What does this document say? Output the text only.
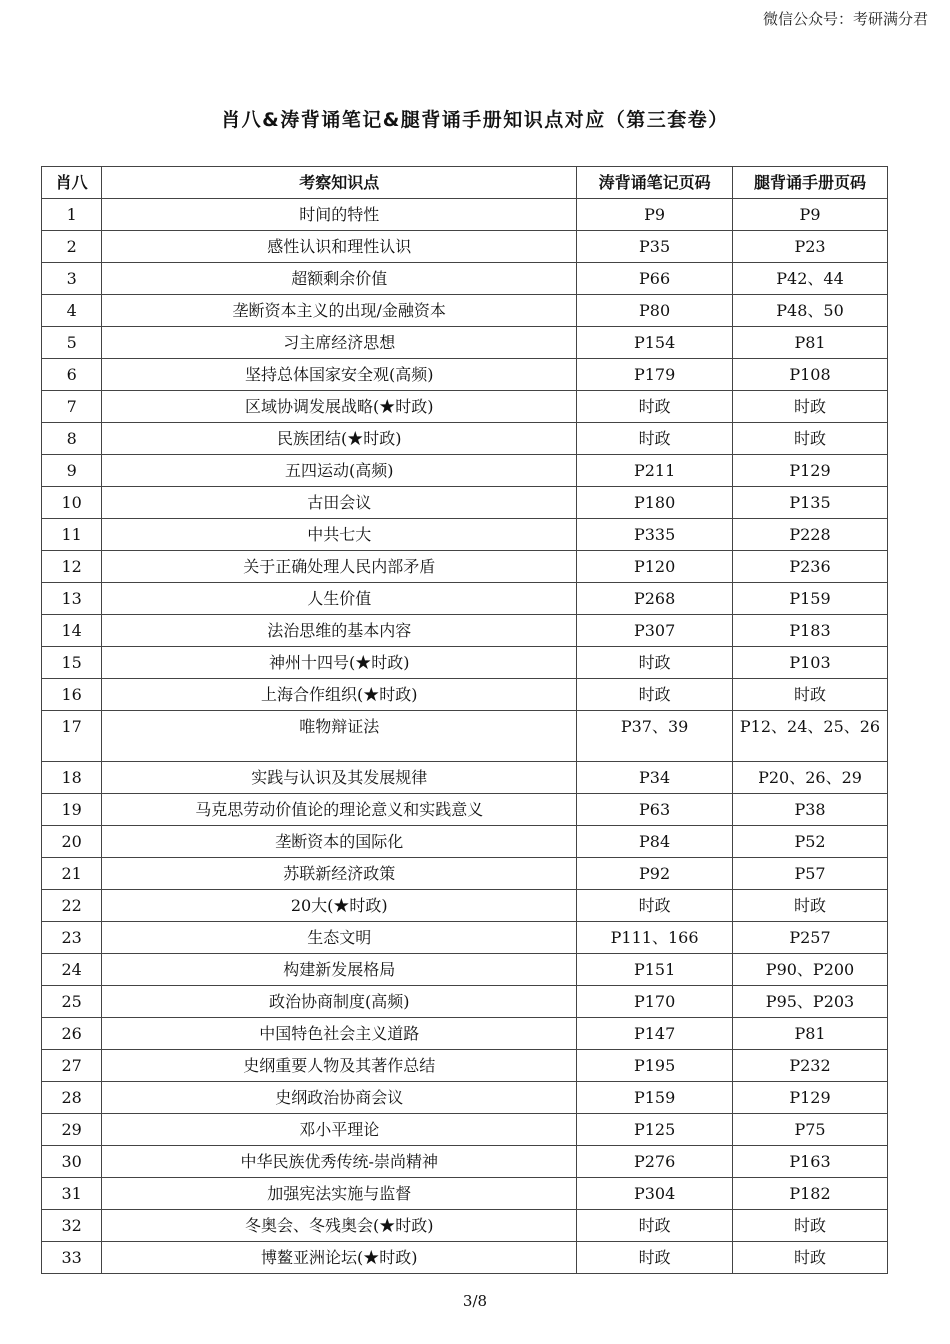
微信公众号：考研满分君
肖八&涛背诵笔记&腿背诵手册知识点对应（第三套卷）
肖八	考察知识点	涛背诵笔记页码	腿背诵手册页码
1	时间的特性	P9	P9
2	感性认识和理性认识	P35	P23
3	超额剩余价值	P66	P42、44
4	垄断资本主义的出现/金融资本	P80	P48、50
5	习主席经济思想	P154	P81
6	坚持总体国家安全观(高频)	P179	P108
7	区域协调发展战略(★时政)	时政	时政
8	民族团结(★时政)	时政	时政
9	五四运动(高频)	P211	P129
10	古田会议	P180	P135
11	中共七大	P335	P228
12	关于正确处理人民内部矛盾	P120	P236
13	人生价值	P268	P159
14	法治思维的基本内容	P307	P183
15	神州十四号(★时政)	时政	P103
16	上海合作组织(★时政)	时政	时政
17	唯物辩证法	P37、39	P12、24、25、26
18	实践与认识及其发展规律	P34	P20、26、29
19	马克思劳动价值论的理论意义和实践意义	P63	P38
20	垄断资本的国际化	P84	P52
21	苏联新经济政策	P92	P57
22	20大(★时政)	时政	时政
23	生态文明	P111、166	P257
24	构建新发展格局	P151	P90、P200
25	政治协商制度(高频)	P170	P95、P203
26	中国特色社会主义道路	P147	P81
27	史纲重要人物及其著作总结	P195	P232
28	史纲政治协商会议	P159	P129
29	邓小平理论	P125	P75
30	中华民族优秀传统-崇尚精神	P276	P163
31	加强宪法实施与监督	P304	P182
32	冬奥会、冬残奥会(★时政)	时政	时政
33	博鳌亚洲论坛(★时政)	时政	时政
3/8
